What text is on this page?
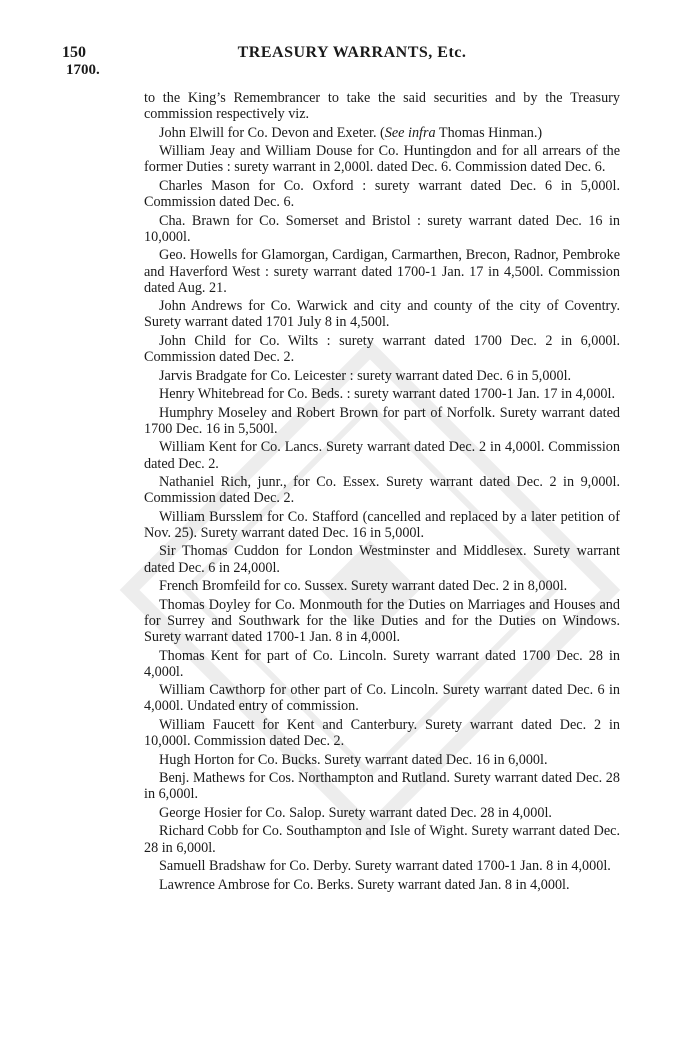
150
1700.
TREASURY WARRANTS, Etc.

to the King’s Remembrancer to take the said securities and by the Treasury commission respectively viz.

John Elwill for Co. Devon and Exeter. (See infra Thomas Hinman.)

William Jeay and William Douse for Co. Huntingdon and for all arrears of the former Duties : surety warrant in 2,000l. dated Dec. 6. Commission dated Dec. 6.

Charles Mason for Co. Oxford : surety warrant dated Dec. 6 in 5,000l. Commission dated Dec. 6.

Cha. Brawn for Co. Somerset and Bristol : surety warrant dated Dec. 16 in 10,000l.

Geo. Howells for Glamorgan, Cardigan, Carmarthen, Brecon, Radnor, Pembroke and Haverford West : surety warrant dated 1700-1 Jan. 17 in 4,500l. Commission dated Aug. 21.

John Andrews for Co. Warwick and city and county of the city of Coventry. Surety warrant dated 1701 July 8 in 4,500l.

John Child for Co. Wilts : surety warrant dated 1700 Dec. 2 in 6,000l. Commission dated Dec. 2.

Jarvis Bradgate for Co. Leicester : surety warrant dated Dec. 6 in 5,000l.

Henry Whitebread for Co. Beds. : surety warrant dated 1700-1 Jan. 17 in 4,000l.

Humphry Moseley and Robert Brown for part of Norfolk. Surety warrant dated 1700 Dec. 16 in 5,500l.

William Kent for Co. Lancs. Surety warrant dated Dec. 2 in 4,000l. Commission dated Dec. 2.

Nathaniel Rich, junr., for Co. Essex. Surety warrant dated Dec. 2 in 9,000l. Commission dated Dec. 2.

William Bursslem for Co. Stafford (cancelled and replaced by a later petition of Nov. 25). Surety warrant dated Dec. 16 in 5,000l.

Sir Thomas Cuddon for London Westminster and Middlesex. Surety warrant dated Dec. 6 in 24,000l.

French Bromfeild for co. Sussex. Surety warrant dated Dec. 2 in 8,000l.

Thomas Doyley for Co. Monmouth for the Duties on Marriages and Houses and for Surrey and Southwark for the like Duties and for the Duties on Windows. Surety warrant dated 1700-1 Jan. 8 in 4,000l.

Thomas Kent for part of Co. Lincoln. Surety warrant dated 1700 Dec. 28 in 4,000l.

William Cawthorp for other part of Co. Lincoln. Surety warrant dated Dec. 6 in 4,000l. Undated entry of commission.

William Faucett for Kent and Canterbury. Surety warrant dated Dec. 2 in 10,000l. Commission dated Dec. 2.

Hugh Horton for Co. Bucks. Surety warrant dated Dec. 16 in 6,000l.

Benj. Mathews for Cos. Northampton and Rutland. Surety warrant dated Dec. 28 in 6,000l.

George Hosier for Co. Salop. Surety warrant dated Dec. 28 in 4,000l.

Richard Cobb for Co. Southampton and Isle of Wight. Surety warrant dated Dec. 28 in 6,000l.

Samuell Bradshaw for Co. Derby. Surety warrant dated 1700-1 Jan. 8 in 4,000l.

Lawrence Ambrose for Co. Berks. Surety warrant dated Jan. 8 in 4,000l.
